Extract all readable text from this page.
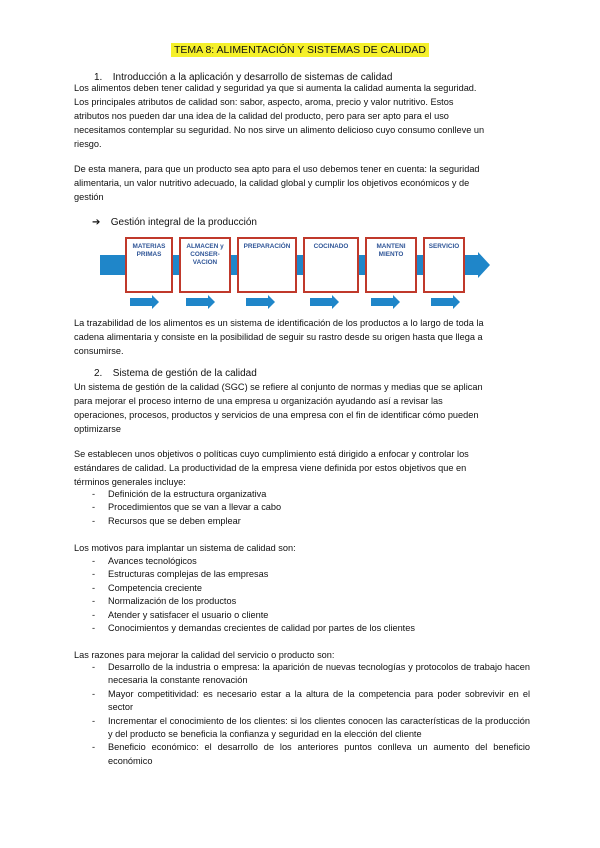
TEMA 8: ALIMENTACIÓN Y SISTEMAS DE CALIDAD
1. Introducción a la aplicación y desarrollo de sistemas de calidad
Los alimentos deben tener calidad y seguridad ya que si aumenta la calidad aumenta la seguridad.
Los principales atributos de calidad son: sabor, aspecto, aroma, precio y valor nutritivo. Estos
atributos nos pueden dar una idea de la calidad del producto, pero para ser apto para el uso
necesitamos contemplar su seguridad. No nos sirve un alimento delicioso cuyo consumo conlleve un
riesgo.
De esta manera, para que un producto sea apto para el uso debemos tener en cuenta: la seguridad
alimentaria, un valor nutritivo adecuado, la calidad global y cumplir los objetivos económicos y de
gestión
➔ Gestión integral de la producción
MATERIAS PRIMAS
ALMACEN y CONSER-VACION
PREPARACIÓN	COCINADO	MANTENI MIENTO
SERVICIO
La trazabilidad de los alimentos es un sistema de identificación de los productos a lo largo de toda la
cadena alimentaria y consiste en la posibilidad de seguir su rastro desde su origen hasta que llega a
consumirse.
2. Sistema de gestión de la calidad
Un sistema de gestión de la calidad (SGC) se refiere al conjunto de normas y medias que se aplican
para mejorar el proceso interno de una empresa u organización ayudando así a revisar las
operaciones, procesos, productos y servicios de una empresa con el fin de identificar cómo pueden
optimizarse
Se establecen unos objetivos o políticas cuyo cumplimiento está dirigido a enfocar y controlar los
estándares de calidad. La productividad de la empresa viene definida por estos objetivos que en
términos generales incluye:
- Definición de la estructura organizativa
- Procedimientos que se van a llevar a cabo
- Recursos que se deben emplear
Los motivos para implantar un sistema de calidad son:
- Avances tecnológicos
- Estructuras complejas de las empresas
- Competencia creciente
- Normalización de los productos
- Atender y satisfacer el usuario o cliente
- Conocimientos y demandas crecientes de calidad por partes de los clientes
Las razones para mejorar la calidad del servicio o producto son:
- Desarrollo de la industria o empresa: la aparición de nuevas tecnologías y protocolos de trabajo hacen necesaria la constante renovación
- Mayor competitividad: es necesario estar a la altura de la competencia para poder sobrevivir en el sector
- Incrementar el conocimiento de los clientes: si los clientes conocen las características de la producción y del producto se beneficia la confianza y seguridad en la elección del cliente
- Beneficio económico: el desarrollo de los anteriores puntos conlleva un aumento del beneficio económico
